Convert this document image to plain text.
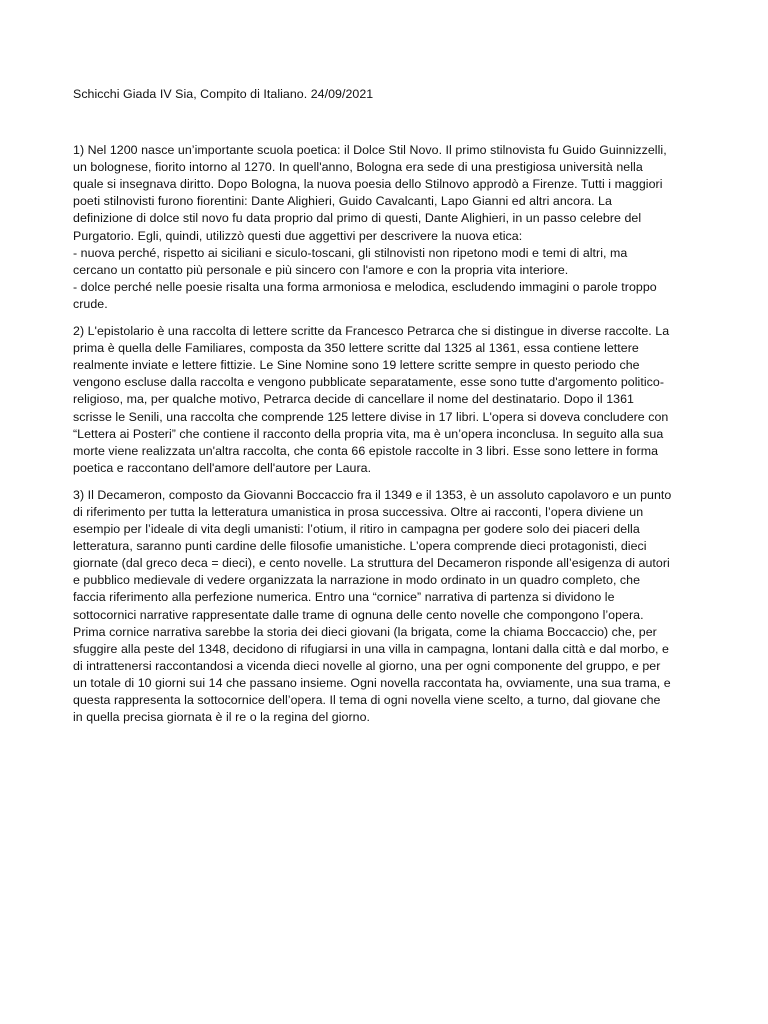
Schicchi Giada IV Sia, Compito di Italiano. 24/09/2021
1) Nel 1200 nasce un’importante scuola poetica: il Dolce Stil Novo. Il primo stilnovista fu Guido Guinnizzelli,
un bolognese, fiorito intorno al 1270. In quell'anno, Bologna era sede di una prestigiosa università nella
quale si insegnava diritto. Dopo Bologna, la nuova poesia dello Stilnovo approdò a Firenze. Tutti i maggiori
poeti stilnovisti furono fiorentini: Dante Alighieri, Guido Cavalcanti, Lapo Gianni ed altri ancora. La
definizione di dolce stil novo fu data proprio dal primo di questi, Dante Alighieri, in un passo celebre del
Purgatorio. Egli, quindi, utilizzò questi due aggettivi per descrivere la nuova etica:
- nuova perché, rispetto ai siciliani e siculo-toscani, gli stilnovisti non ripetono modi e temi di altri, ma
cercano un contatto più personale e più sincero con l'amore e con la propria vita interiore.
- dolce perché nelle poesie risalta una forma armoniosa e melodica, escludendo immagini o parole troppo
crude.
2) L'epistolario è una raccolta di lettere scritte da Francesco Petrarca che si distingue in diverse raccolte. La
prima è quella delle Familiares, composta da 350 lettere scritte dal 1325 al 1361, essa contiene lettere
realmente inviate e lettere fittizie. Le Sine Nomine sono 19 lettere scritte sempre in questo periodo che
vengono escluse dalla raccolta e vengono pubblicate separatamente, esse sono tutte d'argomento politico-
religioso, ma, per qualche motivo, Petrarca decide di cancellare il nome del destinatario. Dopo il 1361
scrisse le Senili, una raccolta che comprende 125 lettere divise in 17 libri. L'opera si doveva concludere con
“Lettera ai Posteri” che contiene il racconto della propria vita, ma è un’opera inconclusa. In seguito alla sua
morte viene realizzata un'altra raccolta, che conta 66 epistole raccolte in 3 libri. Esse sono lettere in forma
poetica e raccontano dell'amore dell'autore per Laura.
3) Il Decameron, composto da Giovanni Boccaccio fra il 1349 e il 1353, è un assoluto capolavoro e un punto
di riferimento per tutta la letteratura umanistica in prosa successiva. Oltre ai racconti, l’opera diviene un
esempio per l’ideale di vita degli umanisti: l’otium, il ritiro in campagna per godere solo dei piaceri della
letteratura, saranno punti cardine delle filosofie umanistiche. L’opera comprende dieci protagonisti, dieci
giornate (dal greco deca = dieci), e cento novelle. La struttura del Decameron risponde all’esigenza di autori
e pubblico medievale di vedere organizzata la narrazione in modo ordinato in un quadro completo, che
faccia riferimento alla perfezione numerica. Entro una “cornice” narrativa di partenza si dividono le
sottocornici narrative rappresentate dalle trame di ognuna delle cento novelle che compongono l’opera.
Prima cornice narrativa sarebbe la storia dei dieci giovani (la brigata, come la chiama Boccaccio) che, per
sfuggire alla peste del 1348, decidono di rifugiarsi in una villa in campagna, lontani dalla città e dal morbo, e
di intrattenersi raccontandosi a vicenda dieci novelle al giorno, una per ogni componente del gruppo, e per
un totale di 10 giorni sui 14 che passano insieme. Ogni novella raccontata ha, ovviamente, una sua trama, e
questa rappresenta la sottocornice dell’opera. Il tema di ogni novella viene scelto, a turno, dal giovane che
in quella precisa giornata è il re o la regina del giorno.
